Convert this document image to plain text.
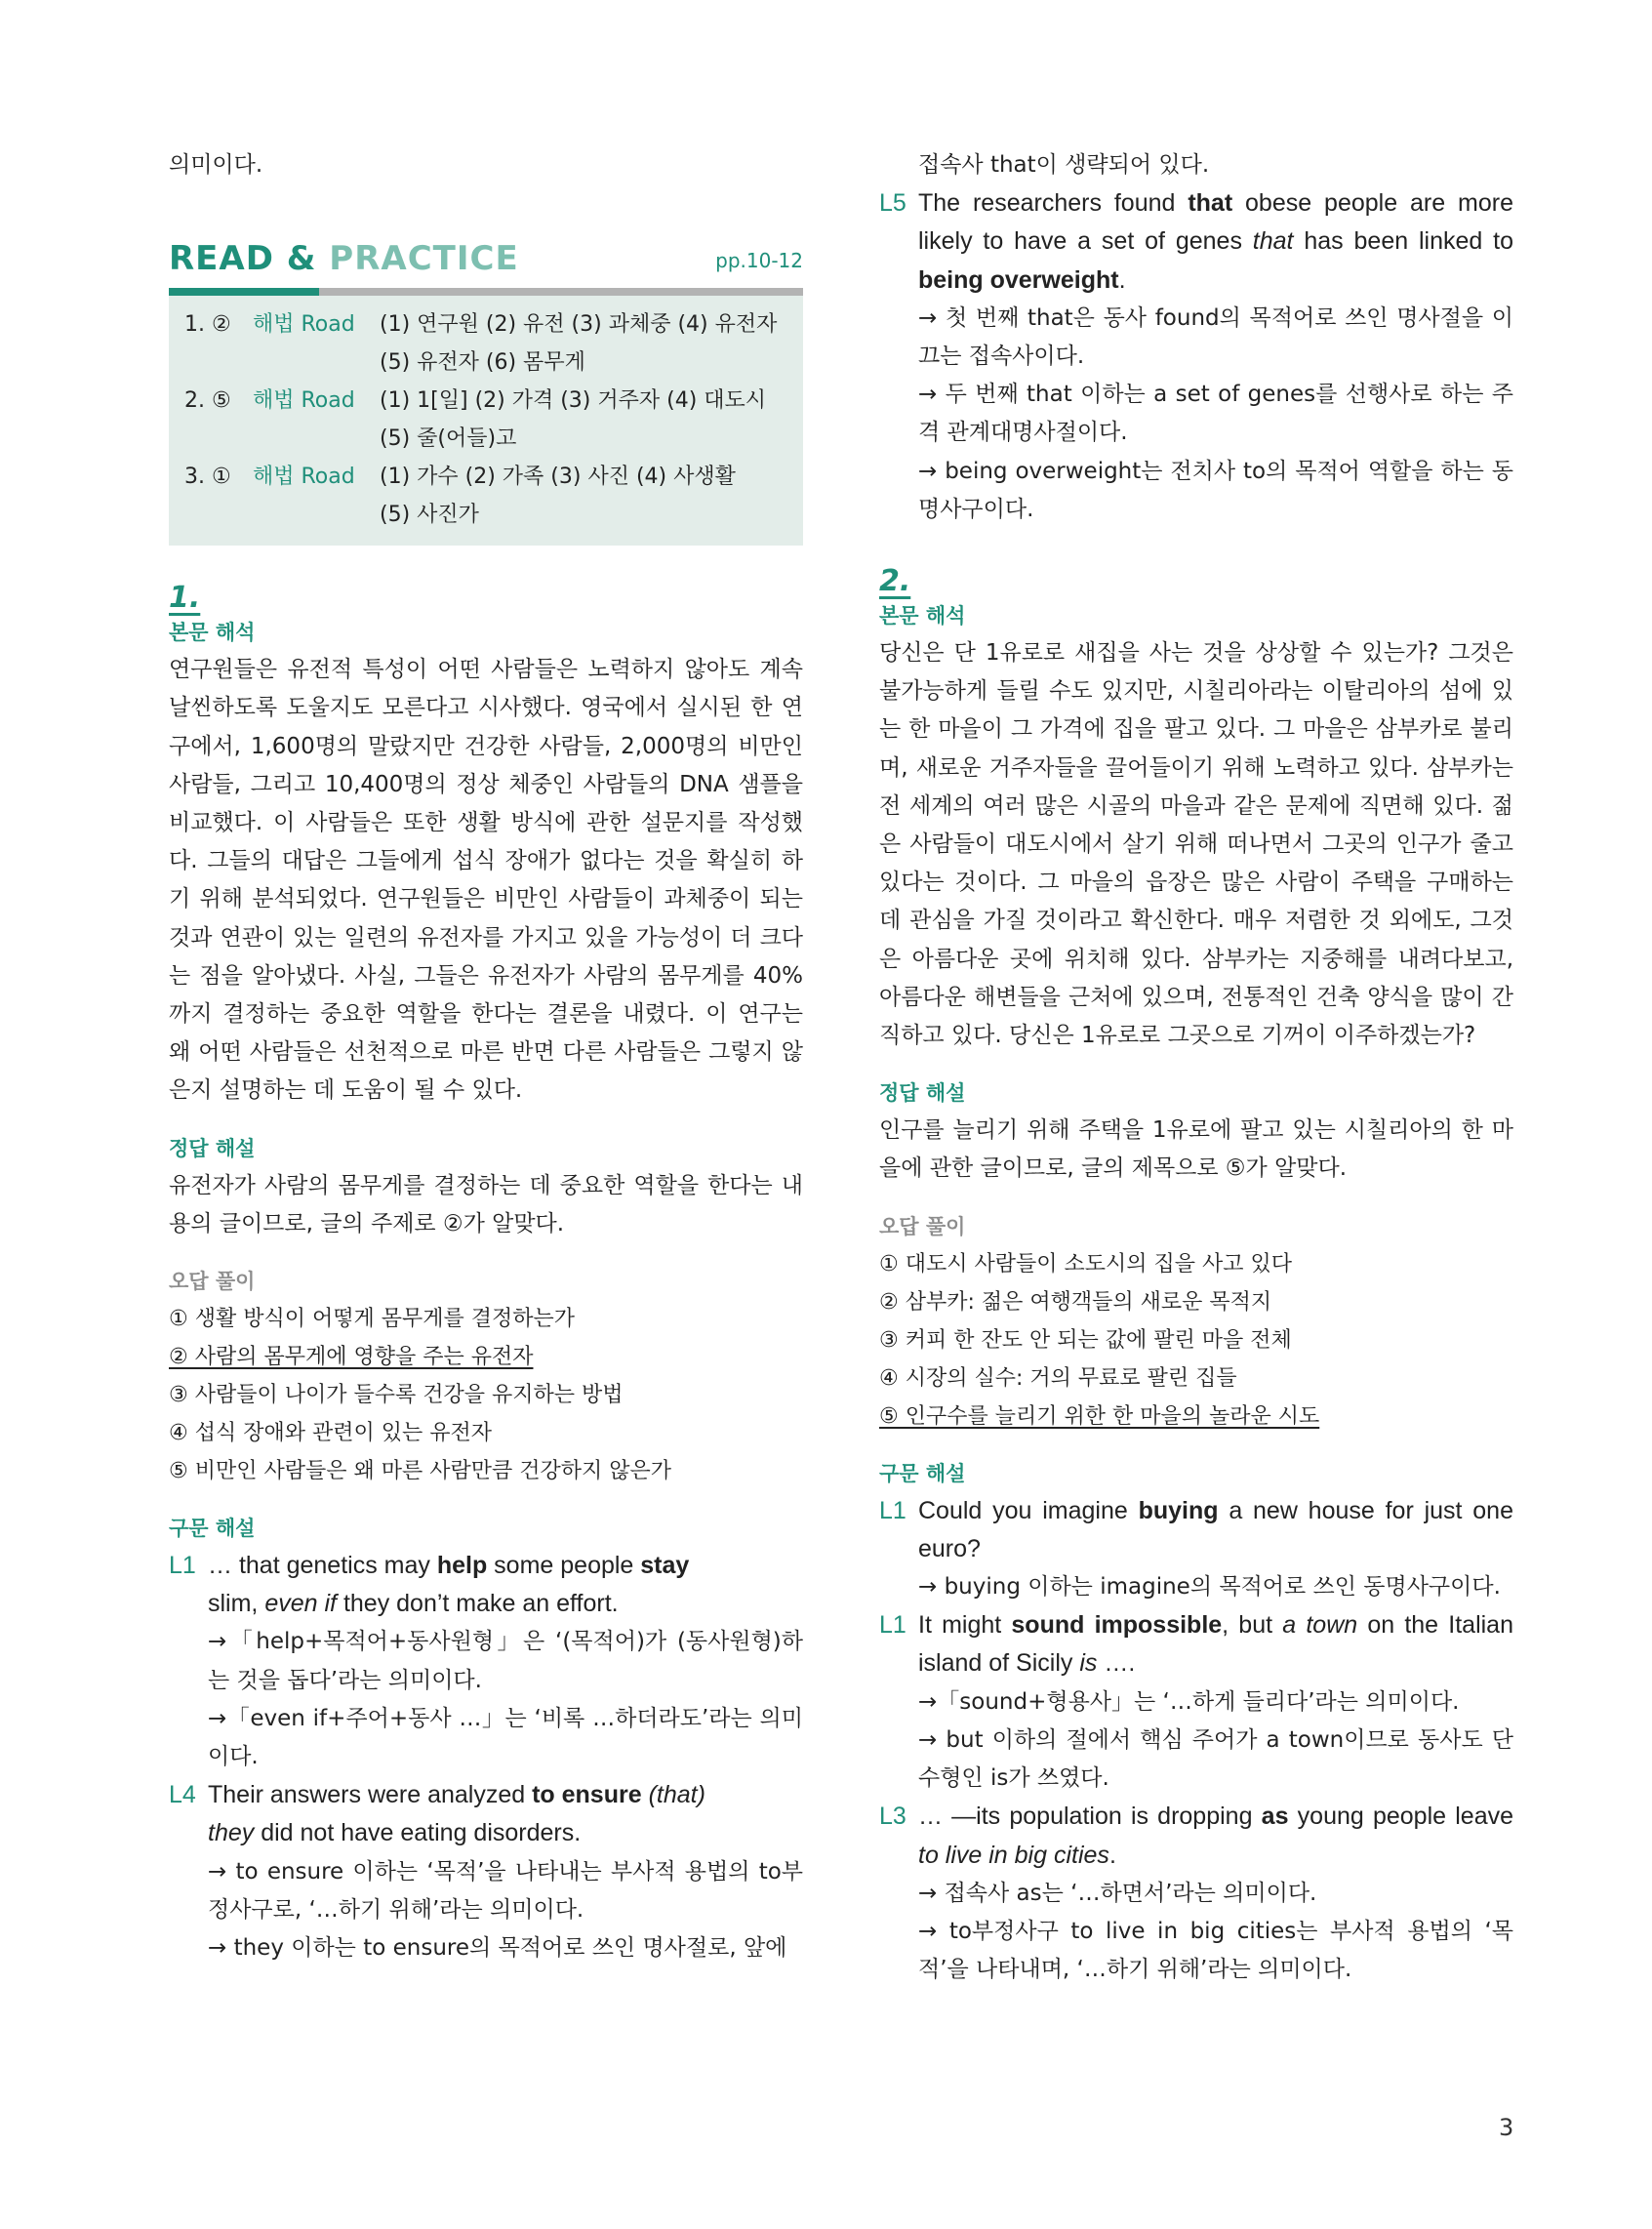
의미이다.

READ & PRACTICE	pp.10-12
1. ②	해법 Road	(1) 연구원 (2) 유전 (3) 과체중 (4) 유전자
(5) 유전자 (6) 몸무게
2. ⑤	해법 Road	(1) 1[일] (2) 가격 (3) 거주자 (4) 대도시
(5) 줄(어들)고
3. ①	해법 Road	(1) 가수 (2) 가족 (3) 사진 (4) 사생활
(5) 사진가

1.

본문 해석

연구원들은 유전적 특성이 어떤 사람들은 노력하지 않아도 계속 날씬하도록 도울지도 모른다고 시사했다. 영국에서 실시된 한 연구에서, 1,600명의 말랐지만 건강한 사람들, 2,000명의 비만인 사람들, 그리고 10,400명의 정상 체중인 사람들의 DNA 샘플을 비교했다. 이 사람들은 또한 생활 방식에 관한 설문지를 작성했다. 그들의 대답은 그들에게 섭식 장애가 없다는 것을 확실히 하기 위해 분석되었다. 연구원들은 비만인 사람들이 과체중이 되는 것과 연관이 있는 일련의 유전자를 가지고 있을 가능성이 더 크다는 점을 알아냈다. 사실, 그들은 유전자가 사람의 몸무게를 40%까지 결정하는 중요한 역할을 한다는 결론을 내렸다. 이 연구는 왜 어떤 사람들은 선천적으로 마른 반면 다른 사람들은 그렇지 않은지 설명하는 데 도움이 될 수 있다.

정답 해설

유전자가 사람의 몸무게를 결정하는 데 중요한 역할을 한다는 내용의 글이므로, 글의 주제로 ②가 알맞다.

오답 풀이

① 생활 방식이 어떻게 몸무게를 결정하는가

② 사람의 몸무게에 영향을 주는 유전자

③ 사람들이 나이가 들수록 건강을 유지하는 방법

④ 섭식 장애와 관련이 있는 유전자

⑤ 비만인 사람들은 왜 마른 사람만큼 건강하지 않은가

구문 해설

L1 … that genetics may help some people stay
slim, even if they don’t make an effort.
→「help+목적어+동사원형」은 ‘(목적어)가 (동사원형)하는 것을 돕다’라는 의미이다.
→「even if+주어+동사 …」는 ‘비록 …하더라도’라는 의미이다.
L4 Their answers were analyzed to ensure (that)
they did not have eating disorders.
→ to ensure 이하는 ‘목적’을 나타내는 부사적 용법의 to부정사구로, ‘…하기 위해’라는 의미이다.
→ they 이하는 to ensure의 목적어로 쓰인 명사절로, 앞에

접속사 that이 생략되어 있다.

L5 The researchers found that obese people are more likely to have a set of genes that has been linked to being overweight.
→ 첫 번째 that은 동사 found의 목적어로 쓰인 명사절을 이끄는 접속사이다.
→ 두 번째 that 이하는 a set of genes를 선행사로 하는 주격 관계대명사절이다.
→ being overweight는 전치사 to의 목적어 역할을 하는 동명사구이다.

2.

본문 해석

당신은 단 1유로로 새집을 사는 것을 상상할 수 있는가? 그것은 불가능하게 들릴 수도 있지만, 시칠리아라는 이탈리아의 섬에 있는 한 마을이 그 가격에 집을 팔고 있다. 그 마을은 삼부카로 불리며, 새로운 거주자들을 끌어들이기 위해 노력하고 있다. 삼부카는 전 세계의 여러 많은 시골의 마을과 같은 문제에 직면해 있다. 젊은 사람들이 대도시에서 살기 위해 떠나면서 그곳의 인구가 줄고 있다는 것이다. 그 마을의 읍장은 많은 사람이 주택을 구매하는 데 관심을 가질 것이라고 확신한다. 매우 저렴한 것 외에도, 그것은 아름다운 곳에 위치해 있다. 삼부카는 지중해를 내려다보고, 아름다운 해변들을 근처에 있으며, 전통적인 건축 양식을 많이 간직하고 있다. 당신은 1유로로 그곳으로 기꺼이 이주하겠는가?

정답 해설

인구를 늘리기 위해 주택을 1유로에 팔고 있는 시칠리아의 한 마을에 관한 글이므로, 글의 제목으로 ⑤가 알맞다.

오답 풀이

① 대도시 사람들이 소도시의 집을 사고 있다

② 삼부카: 젊은 여행객들의 새로운 목적지

③ 커피 한 잔도 안 되는 값에 팔린 마을 전체

④ 시장의 실수: 거의 무료로 팔린 집들

⑤ 인구수를 늘리기 위한 한 마을의 놀라운 시도

구문 해설

L1 Could you imagine buying a new house for just one euro?
→ buying 이하는 imagine의 목적어로 쓰인 동명사구이다.
L1 It might sound impossible, but a town on the Italian island of Sicily is ….
→「sound+형용사」는 ‘…하게 들리다’라는 의미이다.
→ but 이하의 절에서 핵심 주어가 a town이므로 동사도 단수형인 is가 쓰였다.
L3 … —its population is dropping as young people leave to live in big cities.
→ 접속사 as는 ‘…하면서’라는 의미이다.
→ to부정사구 to live in big cities는 부사적 용법의 ‘목적’을 나타내며, ‘…하기 위해’라는 의미이다.
3
